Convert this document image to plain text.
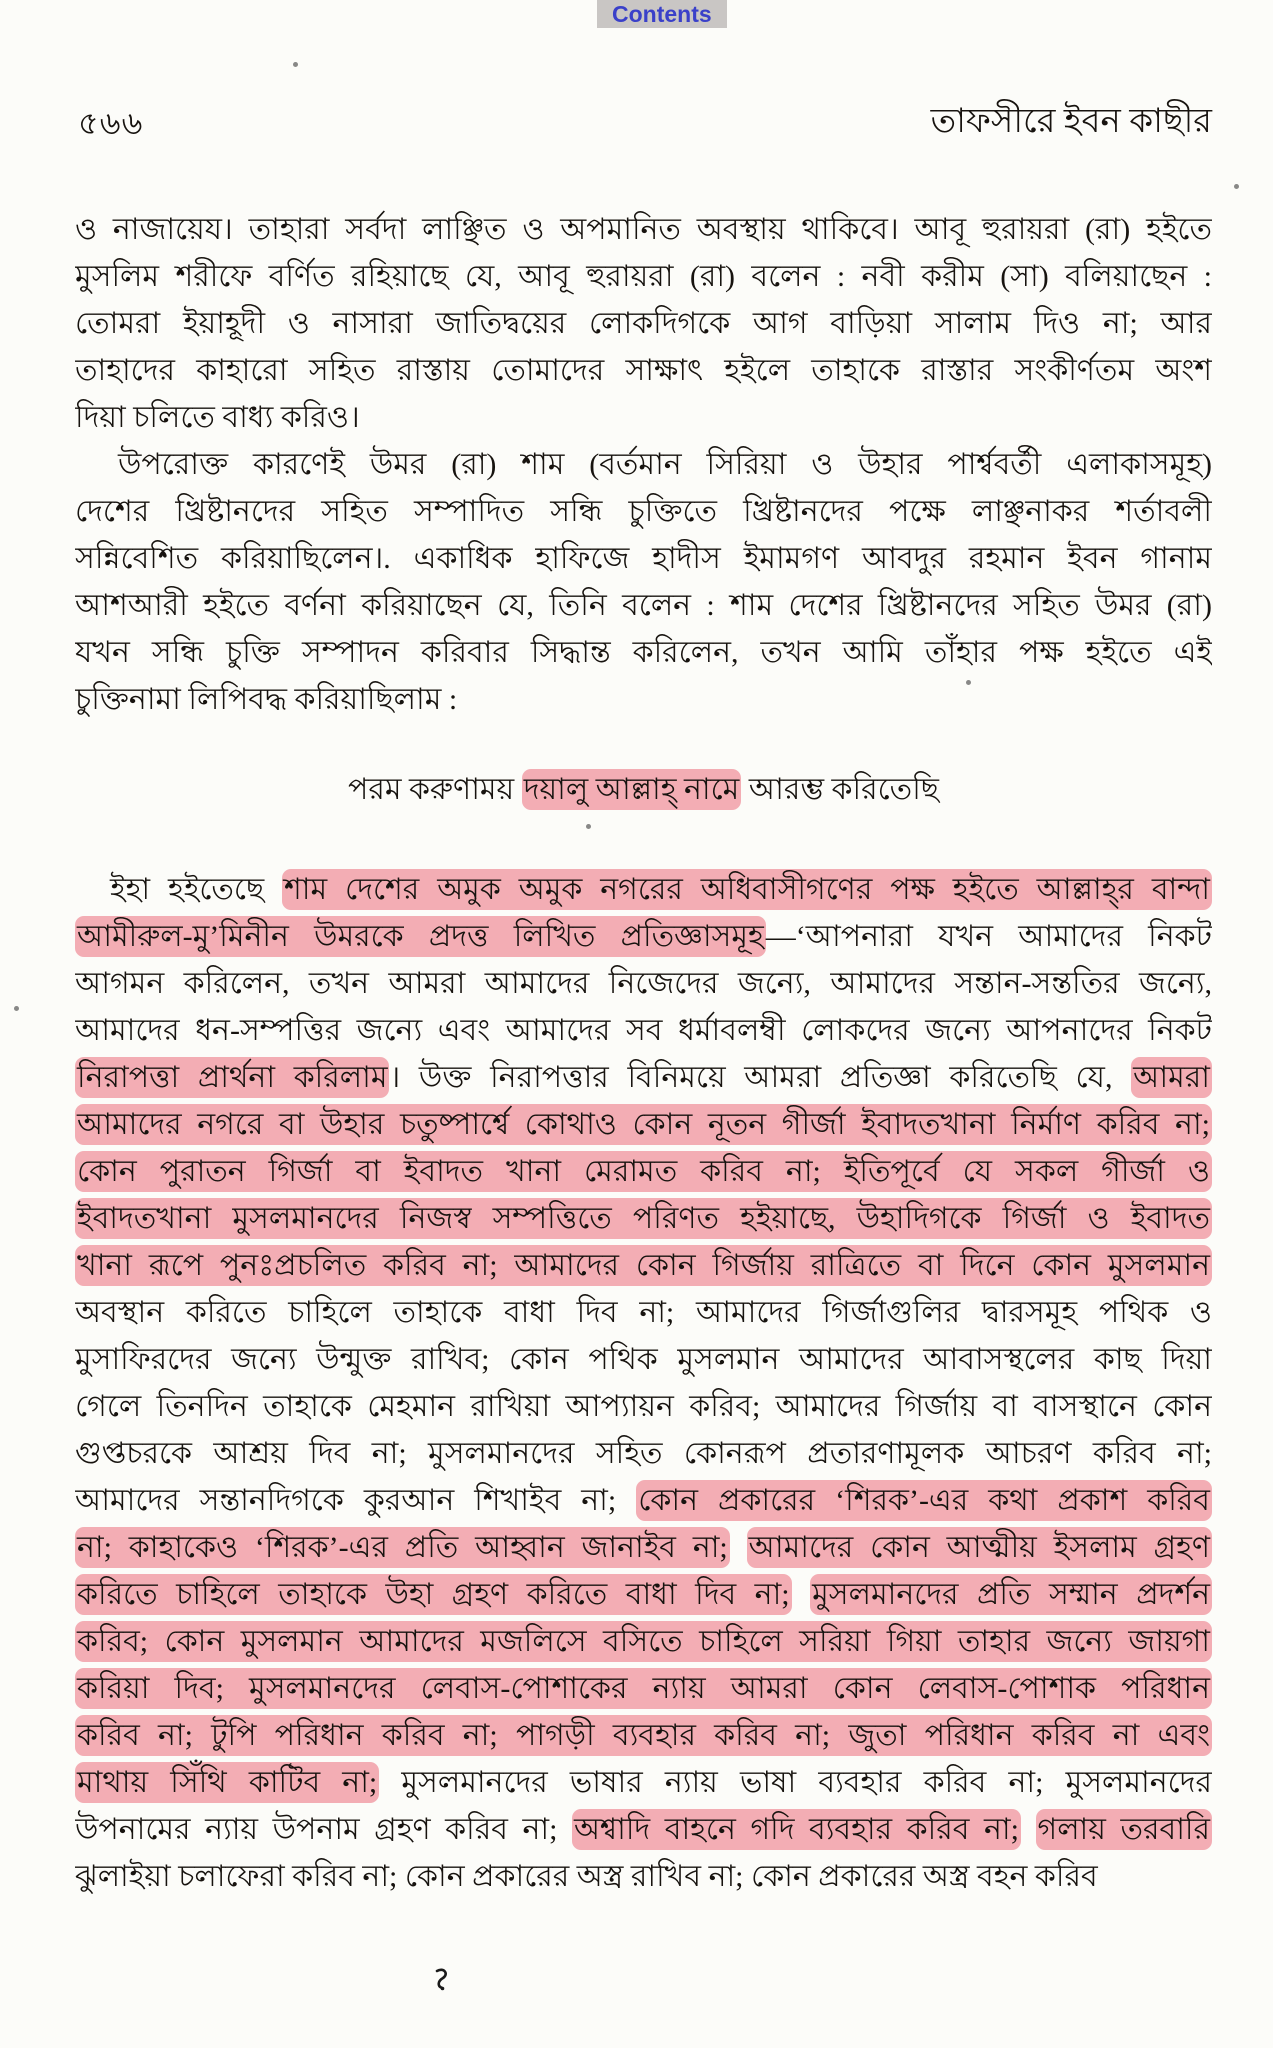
Contents
৫৬৬	তাফসীরে ইবন কাছীর
ও নাজায়েয। তাহারা সর্বদা লাঞ্ছিত ও অপমানিত অবস্থায় থাকিবে। আবূ হুরায়রা (রা) হইতে
মুসলিম শরীফে বর্ণিত রহিয়াছে যে, আবূ হুরায়রা (রা) বলেন : নবী করীম (সা) বলিয়াছেন :
তোমরা ইয়াহূদী ও নাসারা জাতিদ্বয়ের লোকদিগকে আগ বাড়িয়া সালাম দিও না; আর
তাহাদের কাহারো সহিত রাস্তায় তোমাদের সাক্ষাৎ হইলে তাহাকে রাস্তার সংকীর্ণতম অংশ
দিয়া চলিতে বাধ্য করিও।
উপরোক্ত কারণেই উমর (রা) শাম (বর্তমান সিরিয়া ও উহার পার্শ্ববর্তী এলাকাসমূহ)
দেশের খ্রিষ্টানদের সহিত সম্পাদিত সন্ধি চুক্তিতে খ্রিষ্টানদের পক্ষে লাঞ্ছনাকর শর্তাবলী
সন্নিবেশিত করিয়াছিলেন।. একাধিক হাফিজে হাদীস ইমামগণ আবদুর রহমান ইবন গানাম
আশআরী হইতে বর্ণনা করিয়াছেন যে, তিনি বলেন : শাম দেশের খ্রিষ্টানদের সহিত উমর (রা)
যখন সন্ধি চুক্তি সম্পাদন করিবার সিদ্ধান্ত করিলেন, তখন আমি তাঁহার পক্ষ হইতে এই
চুক্তিনামা লিপিবদ্ধ করিয়াছিলাম :
পরম করুণাময় দয়ালু আল্লাহ্ নামে আরম্ভ করিতেছি
ইহা হইতেছে শাম দেশের অমুক অমুক নগরের অধিবাসীগণের পক্ষ হইতে আল্লাহ্‌র বান্দা
আমীরুল-মু’মিনীন উমরকে প্রদত্ত লিখিত প্রতিজ্ঞাসমূহ—‘আপনারা যখন আমাদের নিকট
আগমন করিলেন, তখন আমরা আমাদের নিজেদের জন্যে, আমাদের সন্তান-সন্ততির জন্যে,
আমাদের ধন-সম্পত্তির জন্যে এবং আমাদের সব ধর্মাবলম্বী লোকদের জন্যে আপনাদের নিকট
নিরাপত্তা প্রার্থনা করিলাম। উক্ত নিরাপত্তার বিনিময়ে আমরা প্রতিজ্ঞা করিতেছি যে, আমরা
আমাদের নগরে বা উহার চতুষ্পার্শ্বে কোথাও কোন নূতন গীর্জা ইবাদতখানা নির্মাণ করিব না;
কোন পুরাতন গির্জা বা ইবাদত খানা মেরামত করিব না; ইতিপূর্বে যে সকল গীর্জা ও
ইবাদতখানা মুসলমানদের নিজস্ব সম্পত্তিতে পরিণত হইয়াছে, উহাদিগকে গির্জা ও ইবাদত
খানা রূপে পুনঃপ্রচলিত করিব না; আমাদের কোন গির্জায় রাত্রিতে বা দিনে কোন মুসলমান
অবস্থান করিতে চাহিলে তাহাকে বাধা দিব না; আমাদের গির্জাগুলির দ্বারসমূহ পথিক ও
মুসাফিরদের জন্যে উন্মুক্ত রাখিব; কোন পথিক মুসলমান আমাদের আবাসস্থলের কাছ দিয়া
গেলে তিনদিন তাহাকে মেহমান রাখিয়া আপ্যায়ন করিব; আমাদের গির্জায় বা বাসস্থানে কোন
গুপ্তচরকে আশ্রয় দিব না; মুসলমানদের সহিত কোনরূপ প্রতারণামূলক আচরণ করিব না;
আমাদের সন্তানদিগকে কুরআন শিখাইব না; কোন প্রকারের ‘শিরক’-এর কথা প্রকাশ করিব
না; কাহাকেও ‘শিরক’-এর প্রতি আহ্বান জানাইব না; আমাদের কোন আত্মীয় ইসলাম গ্রহণ
করিতে চাহিলে তাহাকে উহা গ্রহণ করিতে বাধা দিব না; মুসলমানদের প্রতি সম্মান প্রদর্শন
করিব; কোন মুসলমান আমাদের মজলিসে বসিতে চাহিলে সরিয়া গিয়া তাহার জন্যে জায়গা
করিয়া দিব; মুসলমানদের লেবাস-পোশাকের ন্যায় আমরা কোন লেবাস-পোশাক পরিধান
করিব না; টুপি পরিধান করিব না; পাগড়ী ব্যবহার করিব না; জুতা পরিধান করিব না এবং
মাথায় সিঁথি কাটিব না; মুসলমানদের ভাষার ন্যায় ভাষা ব্যবহার করিব না; মুসলমানদের
উপনামের ন্যায় উপনাম গ্রহণ করিব না; অশ্বাদি বাহনে গদি ব্যবহার করিব না; গলায় তরবারি
ঝুলাইয়া চলাফেরা করিব না; কোন প্রকারের অস্ত্র রাখিব না; কোন প্রকারের অস্ত্র বহন করিব
